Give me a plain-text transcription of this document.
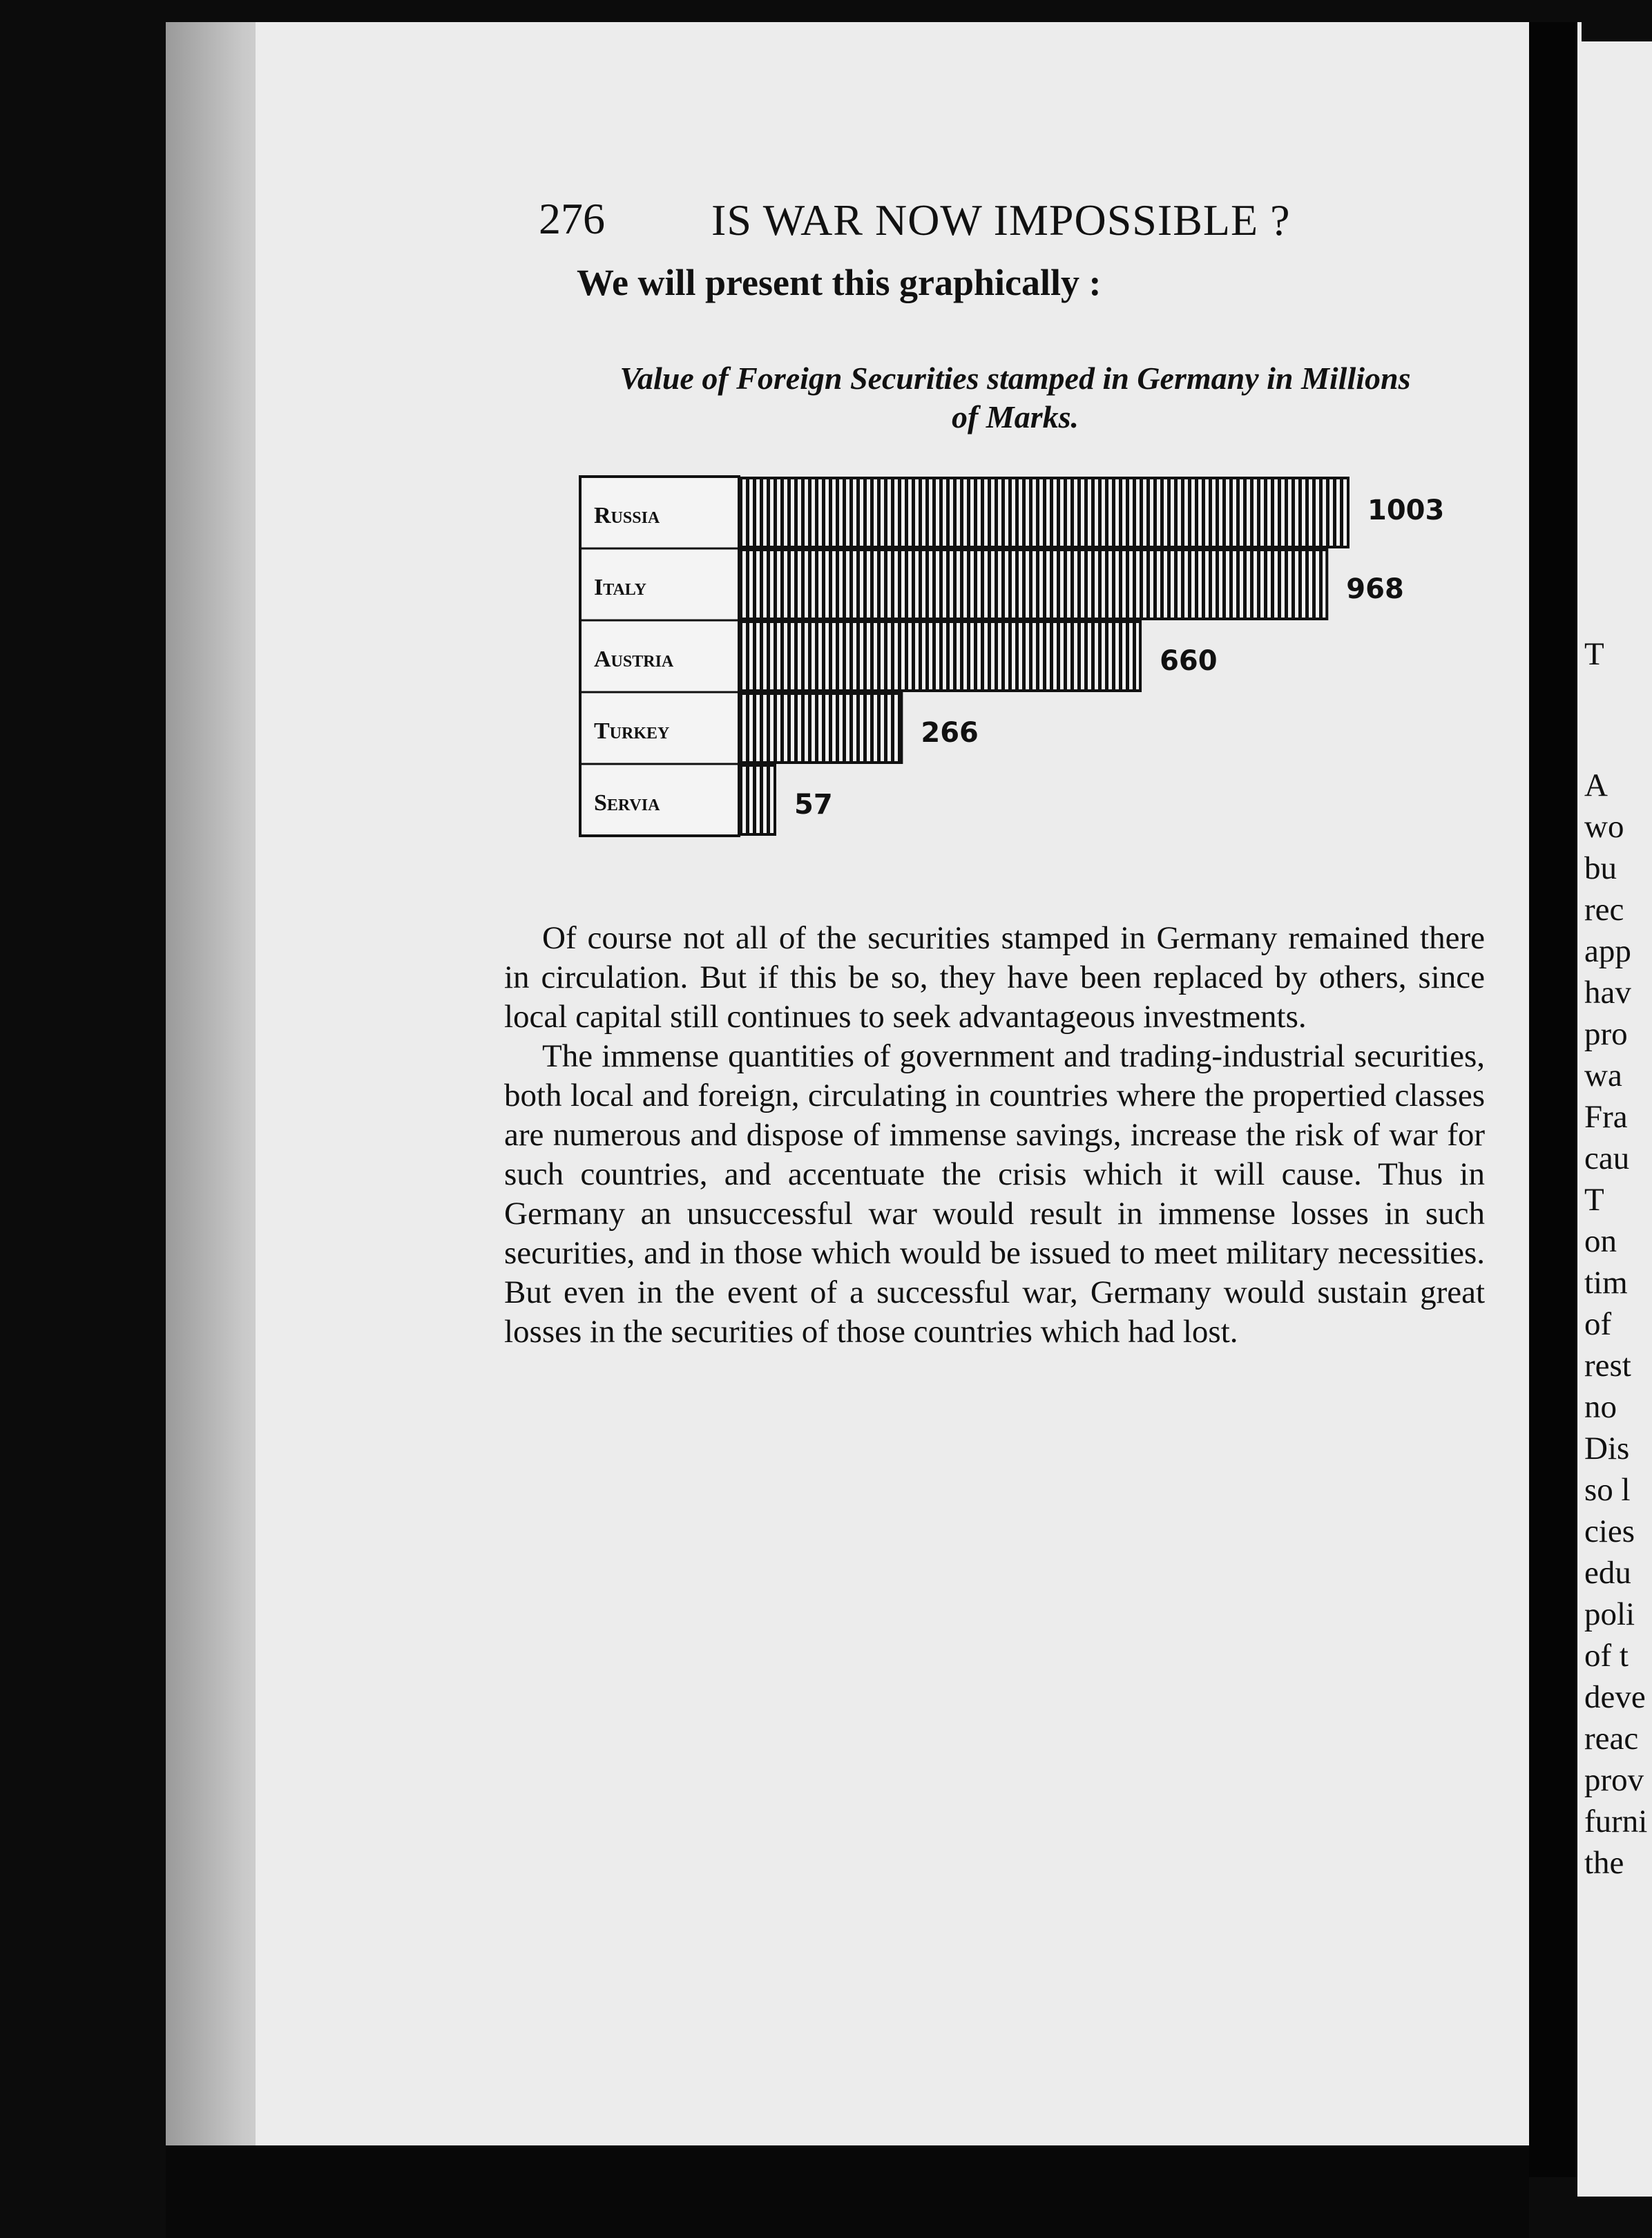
T
A
wo
bu
rec
app
hav
pro
wa
Fra
cau
T
on
tim
of
rest
no
Dis
so l
cies
edu
poli
of t
deve
reac
prov
furni
the
276 IS WAR NOW IMPOSSIBLE ?
We will present this graphically :
Value of Foreign Securities stamped in Germany in Millions
of Marks.
Russia	1003
Italy	968
Austria	660
Turkey	266
Servia	57

Of course not all of the securities stamped in Germany remained there in circulation. But if this be so, they have been replaced by others, since local capital still continues to seek advantageous investments.

The immense quantities of government and trading-industrial securities, both local and foreign, circulating in countries where the propertied classes are numerous and dispose of immense savings, increase the risk of war for such countries, and accentuate the crisis which it will cause. Thus in Germany an unsuccessful war would result in immense losses in such securities, and in those which would be issued to meet military necessities. But even in the event of a successful war, Germany would sustain great losses in the securities of those countries which had lost.
